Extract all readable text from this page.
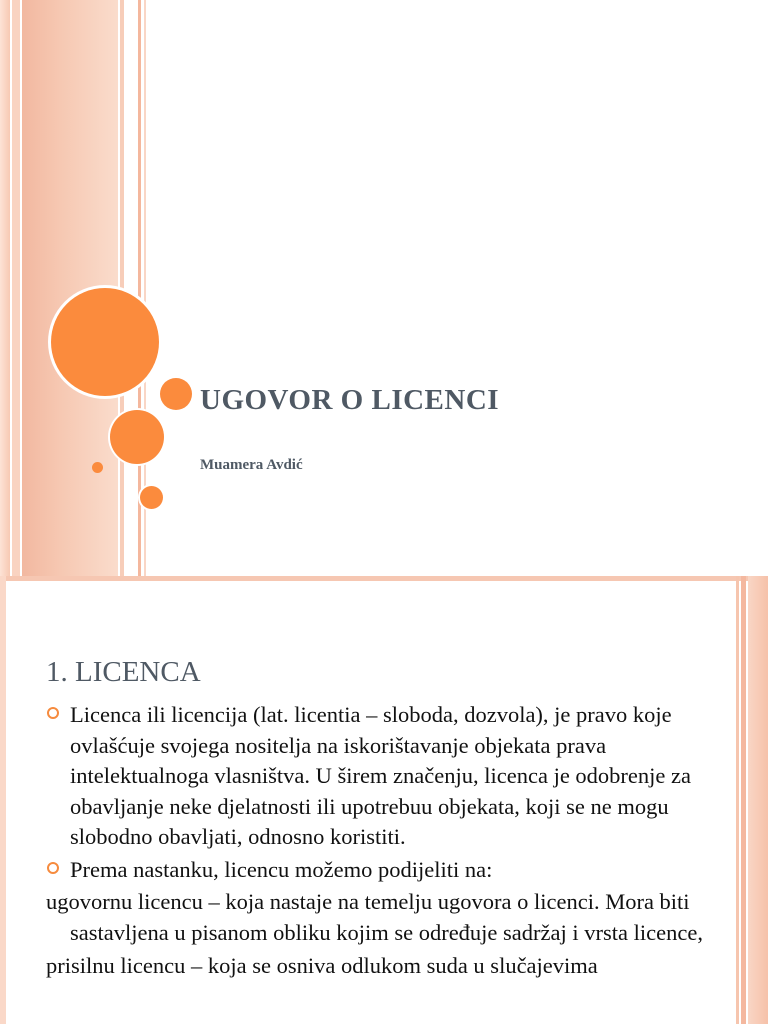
UGOVOR O LICENCI
Muamera Avdić
1. LICENCA
Licenca ili licencija (lat. licentia – sloboda, dozvola), je pravo koje ovlašćuje svojega nositelja na iskorištavanje objekata prava intelektualnoga vlasništva. U širem značenju, licenca je odobrenje za obavljanje neke djelatnosti ili upotrebuu objekata, koji se ne mogu slobodno obavljati, odnosno koristiti.
Prema nastanku, licencu možemo podijeliti na:
ugovornu licencu – koja nastaje na temelju ugovora o licenci. Mora biti sastavljena u pisanom obliku kojim se određuje sadržaj i vrsta licence,
prisilnu licencu – koja se osniva odlukom suda u slučajevima
